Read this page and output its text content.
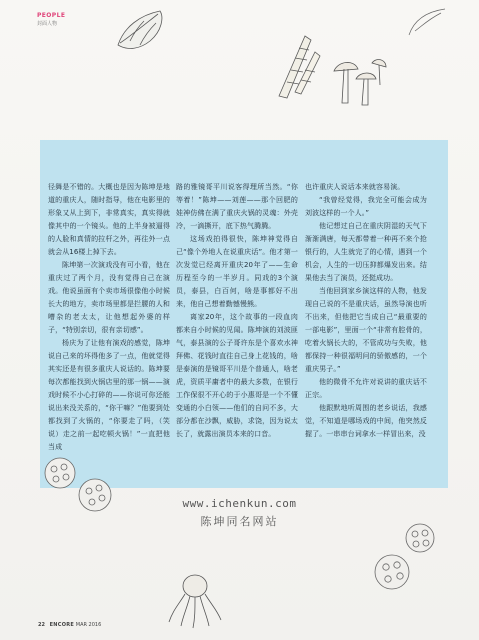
PEOPLE
封面人物

径舞是不错的。大概也是因为陈坤是地道的重庆人，随时指导，他在电影里的形象又从上到下，非常真实，真实得就像其中的一个镜头。他的上半身被逼得的人脸和真情的拉杆之外，再往外一点就会从16楼上掉下去。

陈坤第一次演戏没有可小看，他在重庆过了两个月，没有觉得自己在演戏。他说虽面有个卖市场很像他小时候长大的地方，卖市场里都是拦腰的人和嘈杂的老太太，让他想起外婆的样子，“特别亲切，很有亲切感”。

杨庆为了让他有演戏的感觉，陈坤说自己来的坏得他多了一点，他就觉得其实还是有很多重庆人说话的。陈坤要每次都能找到火锅店里的那一锅——演戏时候不小心打碎的——你说可你还能说出来没关系的，“你干嘛？”他要到处都找到了火锅的，“你要走了吗，（笑说）走之前一起吃顿火锅！”一直把他当成

路的雅镜哥平川说客得理所当然。“你等着！”陈坤——刘莲——那个回肥的娃神仿佛在满了重庆火锅的灵魂：外壳冷，一滴撕开，底下热气腾腾。

这场戏拍得很快，陈坤神觉得自己“像个外地人在说重庆话”。他才第一次发觉已经离开重庆20年了——生命历程至今的一半岁月。同戏的3个演员，泰县，白百何，啥是事都好不出来，他自己想着勤憾慢熊。

离家20年，这个故事的一段血肉都来自小时候的见闻。陈坤演的刘波匪气，泰县演的公子哥许东是个喜欢水神拜佛、花钱时直往自己身上花钱的，啥是泰演的是镜哥平川是个普通人，啥老虎，资质平庸者中的最大多数，在银行工作保很不开心的于小惠哥是一个不懂变通的小白领——他们的自问不多，大部分都在沙飘，威胁，求饶，因为说太长了，就露出演员本来的口音。

也许重庆人说话本来就容易演。

“我曾经觉得，我完全可能会成为刘波这样的一个人。”

他记想过自己在重庆阴湿的天气下渐渐满唐，每天都带着一种再不来个抢银行的，人生就完了的心情，遇到一个机会，人生的一切压抑都爆发出来。结果他去当了演员，还挺成功。

当他回到家乡演这样的人物，他发现自己说的不是重庆话，虽然导演也听不出来，但他把它当成自己“最重要的一部电影”，里面一个“非常有腔骨的，吃着火锅长大的，不管成功与失败，他都保持一种很福明问的骄傲感的，一个重庆男子。”

他的微骨不允许对说讲的重庆话不正宗。

他跟默地听周围的老乡说话，我感觉，不知道是哪场戏的中间，他突然反握了。一串串台词拿水一样冒出来，没

www.ichenkun.com
陈坤同名网站
22 ENCORE MAR 2016
